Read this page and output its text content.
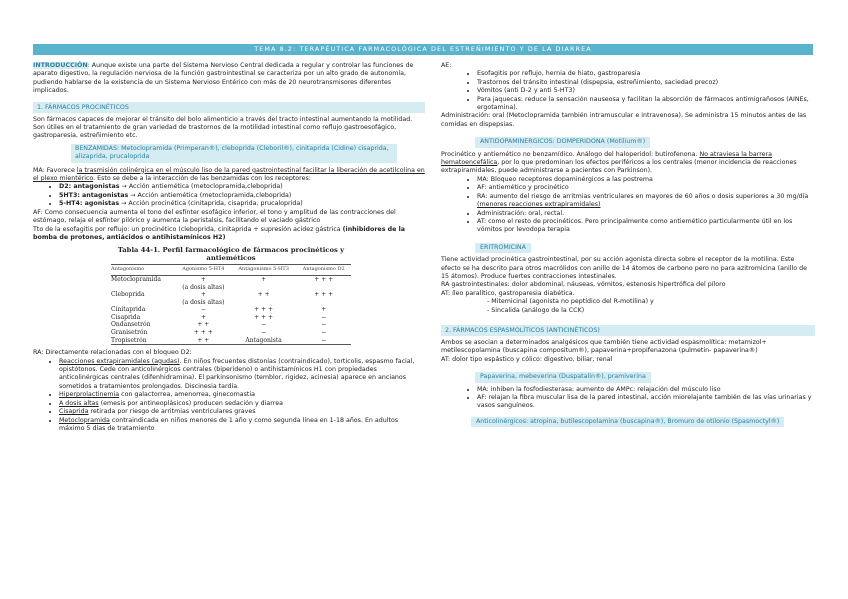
TEMA 8.2: TERAPÉUTICA FARMACOLÓGICA DEL ESTREÑIMIENTO Y DE LA DIARREA

INTRODUCCIÓN: Aunque existe una parte del Sistema Nervioso Central dedicada a regular y controlar las funciones de aparato digestivo, la regulación nerviosa de la función gastrointestinal se caracteriza por un alto grado de autonomía, pudiendo hablarse de la existencia de un Sistema Nervioso Entérico con más de 20 neurotransmisores diferentes implicados.

1. FÁRMACOS PROCINÉTICOS

Son fármacos capaces de mejorar el tránsito del bolo alimenticio a través del tracto intestinal aumentando la motilidad. Son útiles en el tratamiento de gran variedad de trastornos de la motilidad intestinal como reflujo gastroesofágico, gastroparesia, estreñimiento etc.

BENZAMIDAS: Metoclopramida (Primperan®), cleboprida (Cleboril®), cinitaprida (Cidine) cisaprida, alizaprida, prucaloprida

MA: Favorece la trasmisión colinérgica en el músculo liso de la pared gastrointestinal facilitar la liberación de acetilcolina en el plexo mientérico. Esto se debe a la interacción de las benzamidas con los receptores:

• D2: antagonistas → Acción antiemética (metoclopramida,cleboprida)
• 5HT3: antagonistas → Acción antiemética (metoclopramida,cleboprida)
• 5-HT4: agonistas → Acción procinética (cinitaprida, cisaprida, prucaloprida)

AF: Como consecuencia aumenta el tono del esfínter esofágico inferior, el tono y amplitud de las contracciones del estómago, relaja el esfínter pilórico y aumenta la peristalsis, facilitando el vaciado gástrico

Tto de la esofagitis por reflujo: un procinético (cleboprida, cinitaprida + supresión acidez gástrica (inhibidores de la bomba de protones, antiácidos o antihistamínicos H2)

Tabla 44-1. Perfil farmacológico de fármacos procinéticos y antieméticos
Antagonismo	Agonismo 5-HT4	Antagonismo 5-HT3	Antagonismo D2
Metoclopramida	+	+	+ + +
	(a dosis altas)		
Cleboprida	+	+ +	+ + +
	(a dosis altas)		
Cinitaprida	−	+ + +	+
Cisaprida	+	+ + +	−
Ondansetrón	+ +	−	−
Granisetrón	+ + +	−	−
Tropisetrón	+ +	Antagonista	−

RA: Directamente relacionadas con el bloqueo D2:

• Reacciones extrapiramidales (agudas). En niños frecuentes distonías (contraindicado), torticolis, espasmo facial, opistótonos. Cede con anticolinérgicos centrales (biperideno) o antihistamínicos H1 con propiedades anticolinérgicas centrales (difenhidramina). El parkinsonismo (temblor, rigidez, acinesia) aparece en ancianos sometidos a tratamientos prolongados. Discinesia tardía.
• Hiperprolactinemia con galactorrea, amenorrea, ginecomastia
• A dosis altas (emesis por antineoplásicos) producen sedación y diarrea
• Cisaprida retirada por riesgo de arritmias ventriculares graves
• Metoclopramida contraindicada en niños menores de 1 año y como segunda línea en 1-18 años. En adultos máximo 5 días de tratamiento

AE:

• Esofagitis por reflujo, hernia de hiato, gastroparesia
• Trastornos del tránsito intestinal (dispepsia, estreñimiento, saciedad precoz)
• Vómitos (anti D-2 y anti 5-HT3)
• Para jaquecas: reduce la sensación nauseosa y facilitan la absorción de fármacos antimigrañosos (AINEs, ergotamina).

Administración: oral (Metoclopramida también intramuscular e intravenosa). Se administra 15 minutos antes de las comidas en dispepsias.

ANTIDOPAMINERGICOS: DOMPERIDONA (Motilium®)

Procinético y antiemético no benzamídico. Análogo del haloperidol: butirofenona. No atraviesa la barrera hematoencefálica, por lo que predominan los efectos periféricos a los centrales (menor incidencia de reacciones extrapiramidales, puede administrarse a pacientes con Parkinson).

• MA: Bloqueo receptores dopaminérgicos a las postrema
• AF: antiemético y procinético
• RA: aumento del riesgo de arritmias ventriculares en mayores de 60 años o dosis superiores a 30 mg/día (menores reacciones extrapiramidales)
• Administración: oral, rectal.
• AT: como el resto de procinéticos. Pero principalmente como antiemético particularmente útil en los vómitos por levodopa terapia
ERITROMICINA

Tiene actividad procinética gastrointestinal, por su acción agonista directa sobre el receptor de la motilina. Este efecto se ha descrito para otros macrólidos con anillo de 14 átomos de carbono pero no para azitromicina (anillo de 15 átomos). Produce fuertes contracciones intestinales.

RA gastrointestinales: dolor abdominal, náuseas, vómitos, estenosis hipertrófica del píloro

AT: íleo paralítico, gastroparesia diabética.

- Mitemicinal (agonista no peptídico del R-motilina) y

- Sincalida (análogo de la CCK)

2. FÁRMACOS ESPASMOLÍTICOS (ANTICINÉTICOS)

Ambos se asocian a determinados analgésicos que también tiene actividad espasmolítica: metamizol+ metilescopolamina (buscapina compositum®), papaverina+propifenazona (pulmetin- papaverina®)

AT: dolor tipo espástico y cólico: digestivo, biliar, renal

Papaverina, mebeverina (Duspatalin®), pramiverina
• MA: inhiben la fosfodiesterasa: aumento de AMPc: relajación del músculo liso
• AF: relajan la fibra muscular lisa de la pared intestinal, acción miorelajante también de las vías urinarias y vasos sanguíneos.
Anticolinérgicos: atropina, butilescopolamina (buscapina®), Bromuro de otilonio (Spasmoctyl®)
